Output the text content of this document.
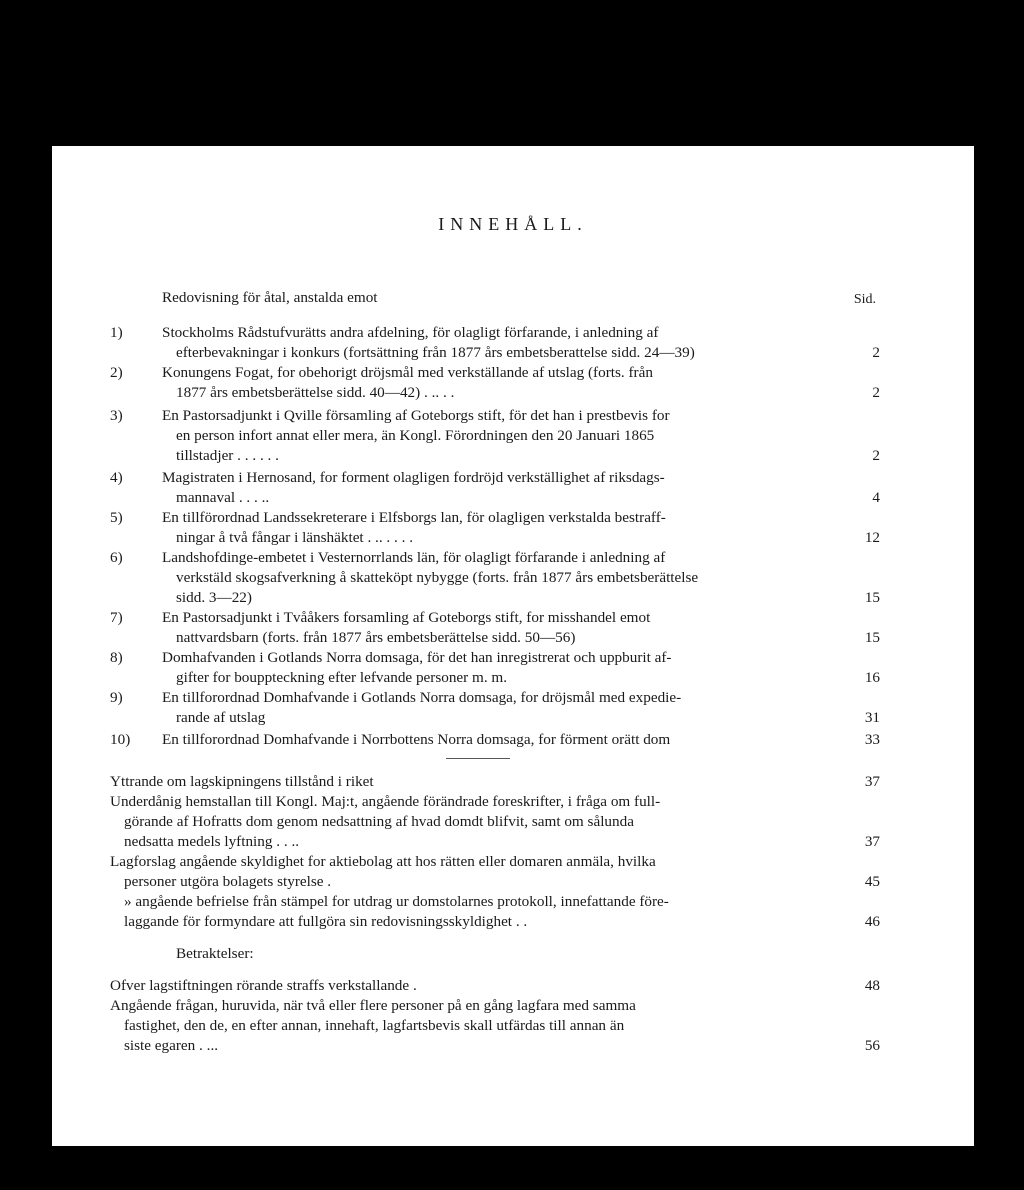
INNEHÅLL.
Redovisning för åtal, anstalda emot	Sid.
1)	Stockholms Rådstufvurätts andra afdelning, för olagligt förfarande, i anledning af
efterbevakningar i konkurs (fortsättning från 1877 års embetsberattelse sidd. 24—39)	2
2)	Konungens Fogat, for obehorigt dröjsmål med verkställande af utslag (forts. från
1877 års embetsberättelse sidd. 40—42) . .. . .	2
3)	En Pastorsadjunkt i Qville församling af Goteborgs stift, för det han i prestbevis for
en person infort annat eller mera, än Kongl. Förordningen den 20 Januari 1865
tillstadjer . . . . . .	2
4)	Magistraten i Hernosand, for forment olagligen fordröjd verkställighet af riksdags-
mannaval . . . ..	4
5)	En tillförordnad Landssekreterare i Elfsborgs lan, för olagligen verkstalda bestraff-
ningar å två fångar i länshäktet . .. . . . .	12
6)	Landshofdinge-embetet i Vesternorrlands län, för olagligt förfarande i anledning af
verkstäld skogsafverkning å skatteköpt nybygge (forts. från 1877 års embetsberättelse
sidd. 3—22)	15
7)	En Pastorsadjunkt i Tvååkers forsamling af Goteborgs stift, for misshandel emot
nattvardsbarn (forts. från 1877 års embetsberättelse sidd. 50—56)	15
8)	Domhafvanden i Gotlands Norra domsaga, för det han inregistrerat och uppburit af-
gifter for bouppteckning efter lefvande personer m. m.	16
9)	En tillforordnad Domhafvande i Gotlands Norra domsaga, for dröjsmål med expedie-
rande af utslag	31
10) En tillforordnad Domhafvande i Norrbottens Norra domsaga, for förment orätt dom	33
Yttrande om lagskipningens tillstånd i riket	37
Underdånig hemstallan till Kongl. Maj:t, angående förändrade foreskrifter, i fråga om full-
görande af Hofratts dom genom nedsattning af hvad domdt blifvit, samt om sålunda
nedsatta medels lyftning . . ..	37
Lagforslag angående skyldighet for aktiebolag att hos rätten eller domaren anmäla, hvilka
personer utgöra bolagets styrelse .	45
» angående befrielse från stämpel for utdrag ur domstolarnes protokoll, innefattande före-
laggande för formyndare att fullgöra sin redovisningsskyldighet . .	46
Betraktelser:
Ofver lagstiftningen rörande straffs verkstallande .	48
Angående frågan, huruvida, när två eller flere personer på en gång lagfara med samma
fastighet, den de, en efter annan, innehaft, lagfartsbevis skall utfärdas till annan än
siste egaren . ...	56
